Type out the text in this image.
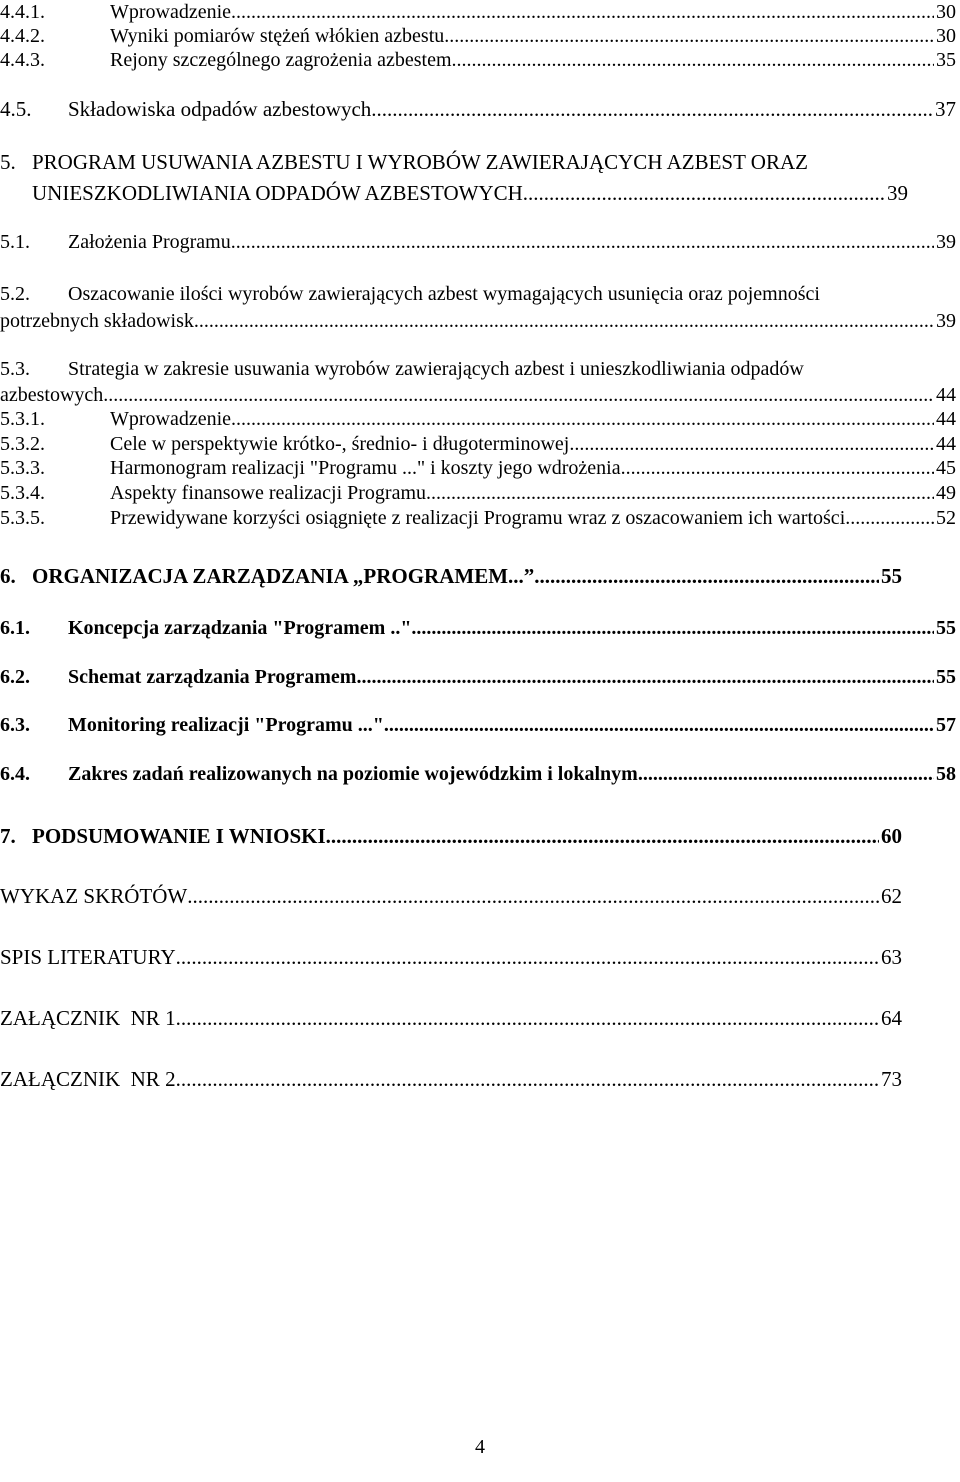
4.4.1.	Wprowadzenie .....	30
4.4.2.	Wyniki pomiarów stężeń włókien azbestu .....	30
4.4.3.	Rejony szczególnego zagrożenia azbestem .....	35
4.5.	Składowiska odpadów azbestowych .....	37
5. PROGRAM USUWANIA AZBESTU I WYROBÓW ZAWIERAJĄCYCH AZBEST ORAZ
UNIESZKODLIWIANIA ODPADÓW AZBESTOWYCH .....	39
5.1.	Założenia Programu .....	39
5.2. Oszacowanie ilości wyrobów zawierających azbest wymagających usunięcia oraz pojemności
potrzebnych składowisk .....	39
5.3. Strategia w zakresie usuwania wyrobów zawierających azbest i unieszkodliwiania odpadów
azbestowych .....	44
5.3.1.	Wprowadzenie .....	44
5.3.2.	Cele w perspektywie krótko-, średnio- i długoterminowej .....	44
5.3.3.	Harmonogram realizacji "Programu ..." i koszty jego wdrożenia .....	45
5.3.4.	Aspekty finansowe realizacji Programu .....	49
5.3.5.	Przewidywane korzyści osiągnięte z realizacji Programu wraz z oszacowaniem ich wartości. .....	52
6. ORGANIZACJA ZARZĄDZANIA „PROGRAMEM...” .....	55
6.1.	Koncepcja zarządzania "Programem .." .....	55
6.2.	Schemat zarządzania Programem .....	55
6.3.	Monitoring realizacji "Programu ..." .....	57
6.4.	Zakres zadań realizowanych na poziomie wojewódzkim i lokalnym .....	58
7. PODSUMOWANIE I WNIOSKI .....	60
WYKAZ SKRÓTÓW .....	62
SPIS LITERATURY .....	63
ZAŁĄCZNIK  NR 1 .....	64
ZAŁĄCZNIK  NR 2 .....	73
4
